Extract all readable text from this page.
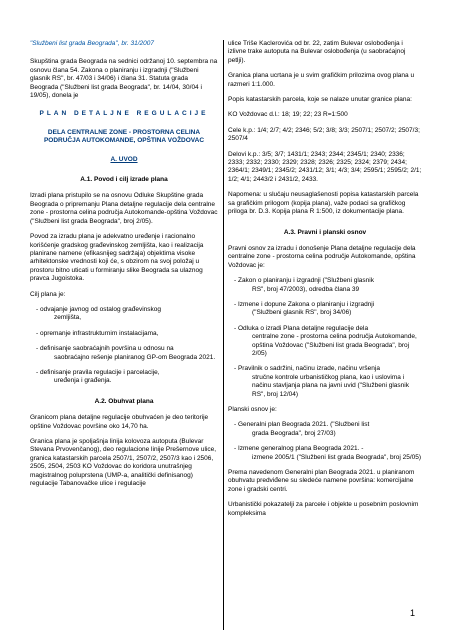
"Službeni list grada Beograda", br. 31/2007

Skupština grada Beograda na sednici održanoj 10. septembra na osnovu člana 54. Zakona o planiranju i izgradnji ("Službeni glasnik RS", br. 47/03 i 34/06) i člana 31. Statuta grada Beograda ("Službeni list grada Beograda", br. 14/04, 30/04 i 19/05), donela je

PLAN DETALJNE REGULACIJE

DELA CENTRALNE ZONE - PROSTORNA CELINA PODRUČJA AUTOKOMANDE, OPŠTINA VOŽDOVAC

A. UVOD

A.1. Povod i cilj izrade plana

Izradi plana pristupilo se na osnovu Odluke Skupštine grada Beograda o pripremanju Plana detaljne regulacije dela centralne zone - prostorna celina područja Autokomande-opština Voždovac ("Službeni list grada Beograda", broj 2/05).

Povod za izradu plana je adekvatno uređenje i racionalno korišćenje gradskog građevinskog zemljišta, kao i realizacija planirane namene (efikasnijeg sadržaja) objektima visoke arhitektonske vrednosti koji će, s obzirom na svoj položaj u prostoru bitno uticati u formiranju slike Beograda sa ulaznog pravca Jugoistoka.

Cilj plana je:

- odvajanje javnog od ostalog građevinskog
zemljišta,

- opremanje infrastrukturnim instalacijama,

- definisanje saobraćajnih površina u odnosu na
saobraćajno rešenje planiranog GP-om Beograda 2021.

- definisanje pravila regulacije i parcelacije,
uređenja i građenja.

A.2. Obuhvat plana

Granicom plana detaljne regulacije obuhvaćen je deo teritorije opštine Voždovac površine oko 14,70 ha.

Granica plana je spoljašnja linija kolovoza autoputa (Bulevar Stevana Prvovenčanog), deo regulacione linije Prešernove ulice, granica katastarskih parcela 2507/1, 2507/2, 2507/3 kao i 2506, 2505, 2504, 2503 KO Voždovac do koridora unutrašnjeg magistralnog poluprstena (UMP-a, analitički definisanog) regulacije Tabanovačke ulice i regulacije

ulice Triše Kaclerovića od br. 22, zatim Bulevar oslobođenja i izlivne trake autoputa na Bulevar oslobođenja (u saobraćajnoj petlji).

Granica plana ucrtana je u svim grafičkim prilozima ovog plana u razmeri 1:1.000.

Popis katastarskih parcela, koje se nalaze unutar granice plana:

KO Voždovac d.l.: 18; 19; 22; 23 R=1:500

Cele k.p.: 1/4; 2/7; 4/2; 2346; 5/2; 3/8; 3/3; 2507/1; 2507/2; 2507/3; 2507/4

Delovi k.p.: 3/5; 3/7; 1431/1; 2343; 2344; 2345/1; 2340; 2336; 2333; 2332; 2330; 2329; 2328; 2326; 2325; 2324; 2379; 2434; 2364/1; 2349/1; 2345/2; 2431/12; 3/1; 4/3; 3/4; 2595/1; 2595/2; 2/1; 1/2; 4/1; 2443/2 i 2431/2, 2433.

Napomena: u slučaju neusaglašenosti popisa katastarskih parcela sa grafičkim prilogom (kopija plana), važe podaci sa grafičkog priloga br. D.3. Kopija plana R 1:500, iz dokumentacije plana.

A.3. Pravni i planski osnov

Pravni osnov za izradu i donošenje Plana detaljne regulacije dela centralne zone - prostorna celina područje Autokomande, opština Voždovac je:

- Zakon o planiranju i izgradnji ("Službeni glasnik
RS", broj 47/2003), odredba člana 39

- Izmene i dopune Zakona o planiranju i izgradnji
("Službeni glasnik RS", broj 34/06)

- Odluka o izradi Plana detaljne regulacije dela
centralne zone - prostorna celina područja Autokomande, opština Voždovac ("Službeni list grada Beograda", broj 2/05)

- Pravilnik o sadržini, načinu izrade, načinu vršenja
stručne kontrole urbanističkog plana, kao i uslovima i načinu stavljanja plana na javni uvid ("Službeni glasnik RS", broj 12/04)

Planski osnov je:

- Generalni plan Beograda 2021. ("Službeni list
grada Beograda", broj 27/03)

- Izmene generalnog plana Beograda 2021. -
izmene 2005/1 ("Službeni list grada Beograda", broj 25/05)

Prema navedenom Generalni plan Beograda 2021. u planiranom obuhvatu predviđene su sledeće namene površina: komercijalne zone i gradski centri.

Urbanistički pokazatelji za parcele i objekte u posebnim poslovnim kompleksima

1
